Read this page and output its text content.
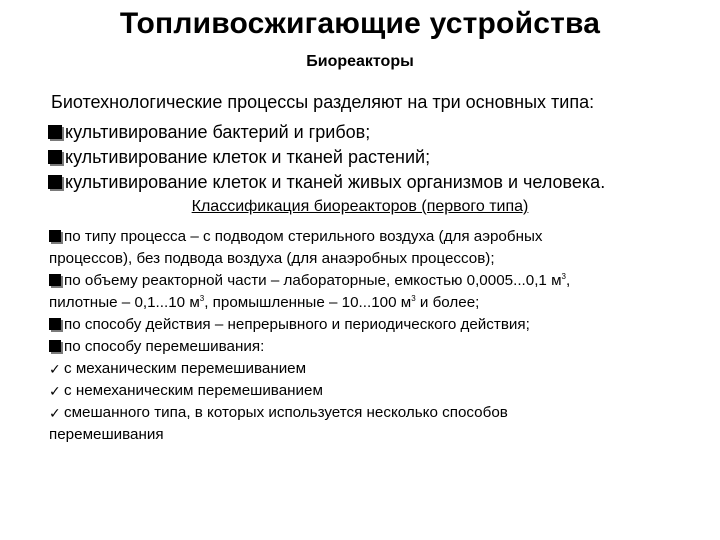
Топливосжигающие устройства
Биореакторы
Биотехнологические процессы разделяют на три основных типа:
культивирование бактерий и грибов;
культивирование клеток и тканей растений;
культивирование клеток и тканей живых организмов и человека.
Классификация биореакторов (первого типа)
по типу процесса – с подводом стерильного воздуха (для аэробных
процессов), без подвода воздуха (для анаэробных процессов);
по объему реакторной части – лабораторные, емкостью 0,0005...0,1 $м^3$,
пилотные – 0,1...10 $м^3$, промышленные – 10...100 $м^3$ и более;
по способу действия – непрерывного и периодического действия;
по способу перемешивания:
✓ с механическим перемешиванием
✓ с немеханическим перемешиванием
✓ смешанного типа, в которых используется несколько способов
перемешивания
